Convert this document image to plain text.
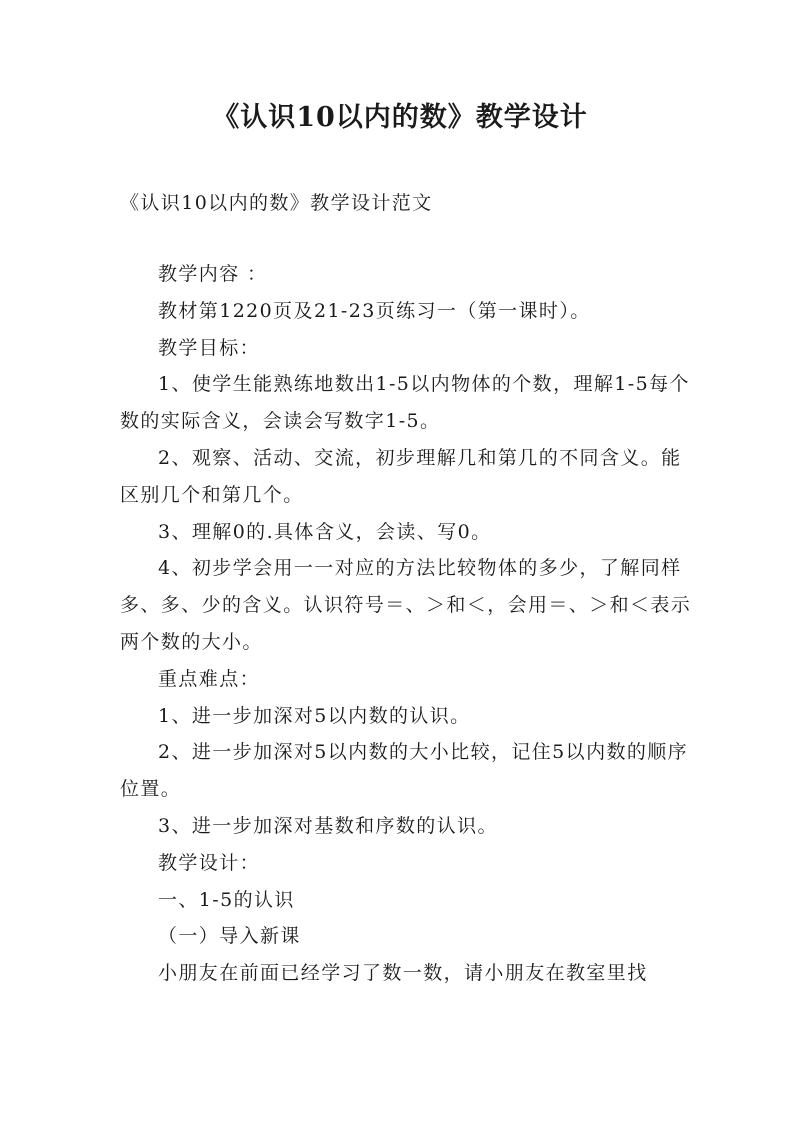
《认识10以内的数》教学设计
《认识10以内的数》教学设计范文

教学内容 ：

教材第1220页及21-23页练习一（第一课时）。

教学目标：

1、使学生能熟练地数出1-5以内物体的个数，理解1-5每个数的实际含义，会读会写数字1-5。

2、观察、活动、交流，初步理解几和第几的不同含义。能区别几个和第几个。

3、理解0的.具体含义，会读、写0。

4、初步学会用一一对应的方法比较物体的多少，了解同样多、多、少的含义。认识符号＝、＞和＜，会用＝、＞和＜表示两个数的大小。

重点难点：

1、进一步加深对5以内数的认识。

2、进一步加深对5以内数的大小比较，记住5以内数的顺序位置。

3、进一步加深对基数和序数的认识。

教学设计：

一、1-5的认识

（一）导入新课

小朋友在前面已经学习了数一数，请小朋友在教室里找
